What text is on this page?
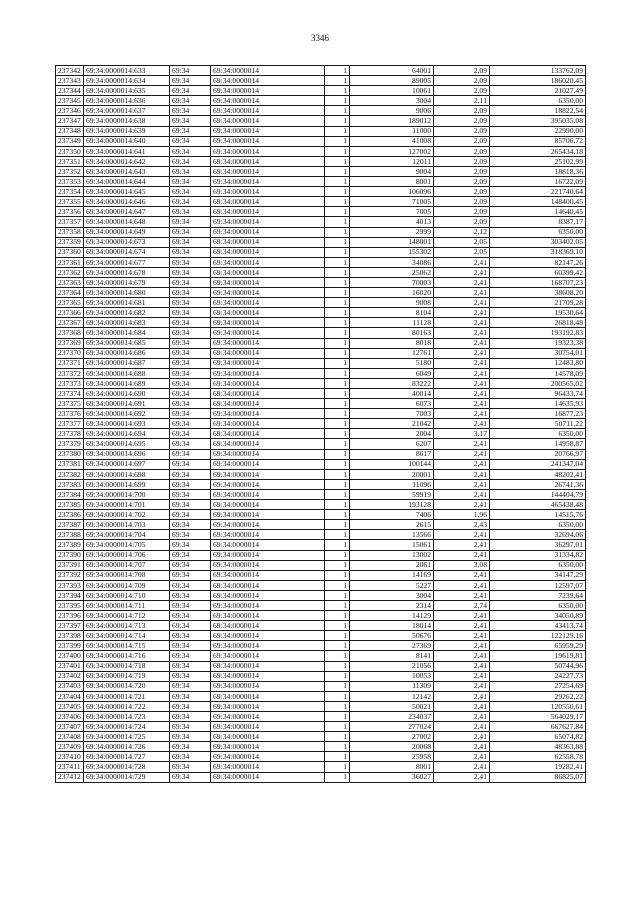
3346
237342	69:34:0000014:633	69:34	69:34:0000014	1	64001	2,09	133762,09
237343	69:34:0000014:634	69:34	69:34:0000014	1	89005	2,09	186020,45
237344	69:34:0000014:635	69:34	69:34:0000014	1	10061	2,09	21027,49
237345	69:34:0000014:636	69:34	69:34:0000014	1	3004	2,11	6350,00
237346	69:34:0000014:637	69:34	69:34:0000014	1	9006	2,09	18822,54
237347	69:34:0000014:638	69:34	69:34:0000014	1	189012	2,09	395035,08
237348	69:34:0000014:639	69:34	69:34:0000014	1	11000	2,09	22990,00
237349	69:34:0000014:640	69:34	69:34:0000014	1	41008	2,09	85706,72
237350	69:34:0000014:641	69:34	69:34:0000014	1	127002	2,09	265434,18
237351	69:34:0000014:642	69:34	69:34:0000014	1	12011	2,09	25102,99
237352	69:34:0000014:643	69:34	69:34:0000014	1	9004	2,09	18818,36
237353	69:34:0000014:644	69:34	69:34:0000014	1	8001	2,09	16722,09
237354	69:34:0000014:645	69:34	69:34:0000014	1	106096	2,09	221740,64
237355	69:34:0000014:646	69:34	69:34:0000014	1	71005	2,09	148400,45
237356	69:34:0000014:647	69:34	69:34:0000014	1	7005	2,09	14640,45
237357	69:34:0000014:648	69:34	69:34:0000014	1	4013	2,09	8387,17
237358	69:34:0000014:649	69:34	69:34:0000014	1	2999	2,12	6350,00
237359	69:34:0000014:673	69:34	69:34:0000014	1	148001	2,05	303402,05
237360	69:34:0000014:674	69:34	69:34:0000014	1	155302	2,05	318369,10
237361	69:34:0000014:677	69:34	69:34:0000014	1	34086	2,41	82147,26
237362	69:34:0000014:678	69:34	69:34:0000014	1	25062	2,41	60399,42
237363	69:34:0000014:679	69:34	69:34:0000014	1	70003	2,41	168707,23
237364	69:34:0000014:680	69:34	69:34:0000014	1	16020	2,41	38608,20
237365	69:34:0000014:681	69:34	69:34:0000014	1	9008	2,41	21709,28
237366	69:34:0000014:682	69:34	69:34:0000014	1	8104	2,41	19530,64
237367	69:34:0000014:683	69:34	69:34:0000014	1	11128	2,41	26818,48
237368	69:34:0000014:684	69:34	69:34:0000014	1	80163	2,41	193192,83
237369	69:34:0000014:685	69:34	69:34:0000014	1	8018	2,41	19323,38
237370	69:34:0000014:686	69:34	69:34:0000014	1	12761	2,41	30754,01
237371	69:34:0000014:687	69:34	69:34:0000014	1	5180	2,41	12483,80
237372	69:34:0000014:688	69:34	69:34:0000014	1	6049	2,41	14578,09
237373	69:34:0000014:689	69:34	69:34:0000014	1	83222	2,41	200565,02
237374	69:34:0000014:690	69:34	69:34:0000014	1	40014	2,41	96433,74
237375	69:34:0000014:691	69:34	69:34:0000014	1	6073	2,41	14635,93
237376	69:34:0000014:692	69:34	69:34:0000014	1	7003	2,41	16877,23
237377	69:34:0000014:693	69:34	69:34:0000014	1	21042	2,41	50711,22
237378	69:34:0000014:694	69:34	69:34:0000014	1	2004	3,17	6350,00
237379	69:34:0000014:695	69:34	69:34:0000014	1	6207	2,41	14958,87
237380	69:34:0000014:696	69:34	69:34:0000014	1	8617	2,41	20766,97
237381	69:34:0000014:697	69:34	69:34:0000014	1	100144	2,41	241347,04
237382	69:34:0000014:698	69:34	69:34:0000014	1	20001	2,41	48202,41
237383	69:34:0000014:699	69:34	69:34:0000014	1	11096	2,41	26741,36
237384	69:34:0000014:700	69:34	69:34:0000014	1	59919	2,41	144404,79
237385	69:34:0000014:701	69:34	69:34:0000014	1	193128	2,41	465438,48
237386	69:34:0000014:702	69:34	69:34:0000014	1	7406	1,96	14515,76
237387	69:34:0000014:703	69:34	69:34:0000014	1	2615	2,43	6350,00
237388	69:34:0000014:704	69:34	69:34:0000014	1	13566	2,41	32694,06
237389	69:34:0000014:705	69:34	69:34:0000014	1	15061	2,41	36297,01
237390	69:34:0000014:706	69:34	69:34:0000014	1	13002	2,41	31334,82
237391	69:34:0000014:707	69:34	69:34:0000014	1	2061	3,08	6350,00
237392	69:34:0000014:708	69:34	69:34:0000014	1	14169	2,41	34147,29
237393	69:34:0000014:709	69:34	69:34:0000014	1	5227	2,41	12597,07
237394	69:34:0000014:710	69:34	69:34:0000014	1	3004	2,41	7239,64
237395	69:34:0000014:711	69:34	69:34:0000014	1	2314	2,74	6350,00
237396	69:34:0000014:712	69:34	69:34:0000014	1	14129	2,41	34050,89
237397	69:34:0000014:713	69:34	69:34:0000014	1	18014	2,41	43413,74
237398	69:34:0000014:714	69:34	69:34:0000014	1	50676	2,41	122129,16
237399	69:34:0000014:715	69:34	69:34:0000014	1	27369	2,41	65959,29
237400	69:34:0000014:716	69:34	69:34:0000014	1	8141	2,41	19619,81
237401	69:34:0000014:718	69:34	69:34:0000014	1	21056	2,41	50744,96
237402	69:34:0000014:719	69:34	69:34:0000014	1	10053	2,41	24227,73
237403	69:34:0000014:720	69:34	69:34:0000014	1	11309	2,41	27254,69
237404	69:34:0000014:721	69:34	69:34:0000014	1	12142	2,41	29262,22
237405	69:34:0000014:722	69:34	69:34:0000014	1	50021	2,41	120550,61
237406	69:34:0000014:723	69:34	69:34:0000014	1	234037	2,41	564029,17
237407	69:34:0000014:724	69:34	69:34:0000014	1	277024	2,41	667627,84
237408	69:34:0000014:725	69:34	69:34:0000014	1	27002	2,41	65074,82
237409	69:34:0000014:726	69:34	69:34:0000014	1	20068	2,41	48363,88
237410	69:34:0000014:727	69:34	69:34:0000014	1	25958	2,41	62558,78
237411	69:34:0000014:728	69:34	69:34:0000014	1	8001	2,41	19282,41
237412	69:34:0000014:729	69:34	69:34:0000014	1	36027	2,41	86825,07
